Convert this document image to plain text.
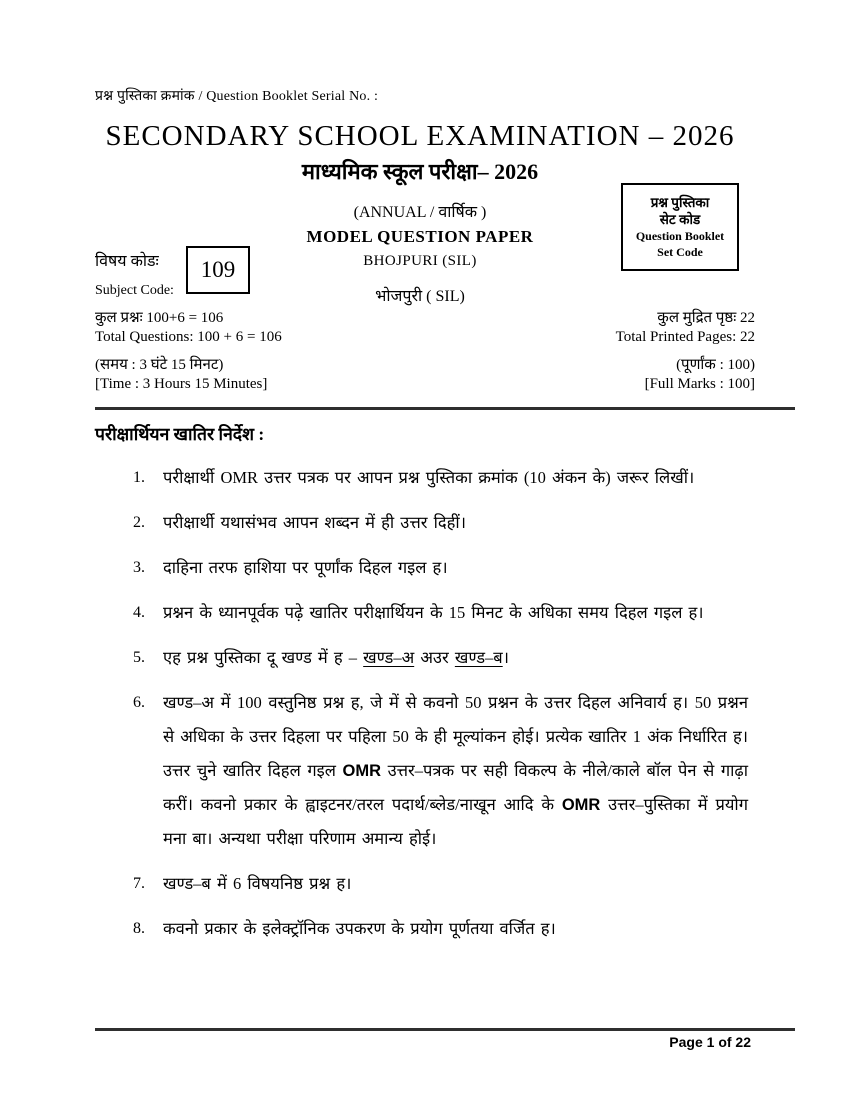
प्रश्न पुस्तिका क्रमांक / Question Booklet Serial No. :
SECONDARY SCHOOL EXAMINATION – 2026
माध्यमिक स्कूल परीक्षा– 2026
प्रश्न पुस्तिका
सेट कोड
Question Booklet
Set Code
(ANNUAL / वार्षिक )
MODEL QUESTION PAPER
विषय कोडः
Subject Code:
109	BHOJPURI (SIL)
भोजपुरी ( SIL)
कुल प्रश्नः 100+6 = 106	कुल मुद्रित पृष्ठः 22
Total Questions: 100 + 6 = 106	Total Printed Pages: 22
(समय : 3 घंटे 15 मिनट)	(पूर्णांक : 100)
[Time : 3 Hours 15 Minutes]	[Full Marks : 100]
परीक्षार्थियन खातिर निर्देश :
1.	परीक्षार्थी OMR उत्तर पत्रक पर आपन प्रश्न पुस्तिका क्रमांक (10 अंकन के) जरूर लिखीं।
2.	परीक्षार्थी यथासंभव आपन शब्दन में ही उत्तर दिहीं।
3.	दाहिना तरफ हाशिया पर पूर्णांक दिहल गइल ह।
4.	प्रश्नन के ध्यानपूर्वक पढ़े खातिर परीक्षार्थियन के 15 मिनट के अधिका समय दिहल गइल ह।
5.	एह प्रश्न पुस्तिका दू खण्ड में ह – खण्ड–अ अउर खण्ड–ब।
6.	खण्ड–अ में 100 वस्तुनिष्ठ प्रश्न ह, जे में से कवनो 50 प्रश्नन के उत्तर दिहल अनिवार्य ह। 50 प्रश्नन से अधिका के उत्तर दिहला पर पहिला 50 के ही मूल्यांकन होई। प्रत्येक खातिर 1 अंक निर्धारित ह। उत्तर चुने खातिर दिहल गइल OMR उत्तर–पत्रक पर सही विकल्प के नीले/काले बॉल पेन से गाढ़ा करीं। कवनो प्रकार के ह्वाइटनर/तरल पदार्थ/ब्लेड/नाखून आदि के OMR उत्तर–पुस्तिका में प्रयोग मना बा। अन्यथा परीक्षा परिणाम अमान्य होई।
7.	खण्ड–ब में 6 विषयनिष्ठ प्रश्न ह।
8.	कवनो प्रकार के इलेक्ट्रॉनिक उपकरण के प्रयोग पूर्णतया वर्जित ह।
Page 1 of 22
